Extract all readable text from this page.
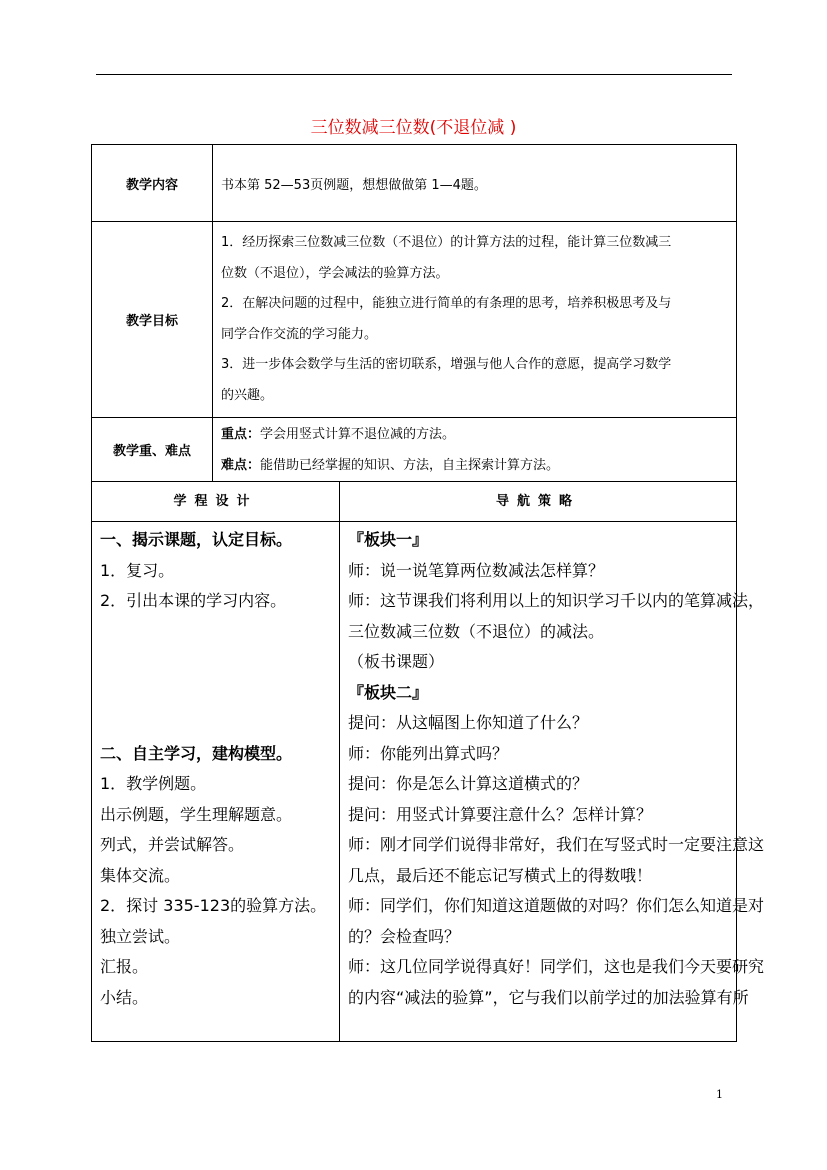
三位数减三位数(不退位减 )
教学内容	书本第 52—53页例题，想想做做第 1—4题。
教学目标
1．经历探索三位数减三位数（不退位）的计算方法的过程，能计算三位数减三
位数（不退位），学会减法的验算方法。
2．在解决问题的过程中，能独立进行简单的有条理的思考，培养积极思考及与
同学合作交流的学习能力。
3．进一步体会数学与生活的密切联系，增强与他人合作的意愿，提高学习数学
的兴趣。
教学重、难点
重点：学会用竖式计算不退位减的方法。
难点：能借助已经掌握的知识、方法，自主探索计算方法。
学程设计	导航策略
一、揭示课题，认定目标。
1．复习。
2．引出本课的学习内容。
二、自主学习，建构模型。
1．教学例题。
出示例题，学生理解题意。
列式，并尝试解答。
集体交流。
2．探讨 335-123的验算方法。
独立尝试。
汇报。
小结。
『板块一』
师：说一说笔算两位数减法怎样算？
师：这节课我们将利用以上的知识学习千以内的笔算减法，
三位数减三位数（不退位）的减法。
（板书课题）
『板块二』
提问：从这幅图上你知道了什么？
师：你能列出算式吗？
提问：你是怎么计算这道横式的？
提问：用竖式计算要注意什么？怎样计算？
师：刚才同学们说得非常好，我们在写竖式时一定要注意这
几点，最后还不能忘记写横式上的得数哦！
师：同学们，你们知道这道题做的对吗？你们怎么知道是对
的？会检查吗？
师：这几位同学说得真好！同学们，这也是我们今天要研究
的内容“减法的验算”，它与我们以前学过的加法验算有所
1
